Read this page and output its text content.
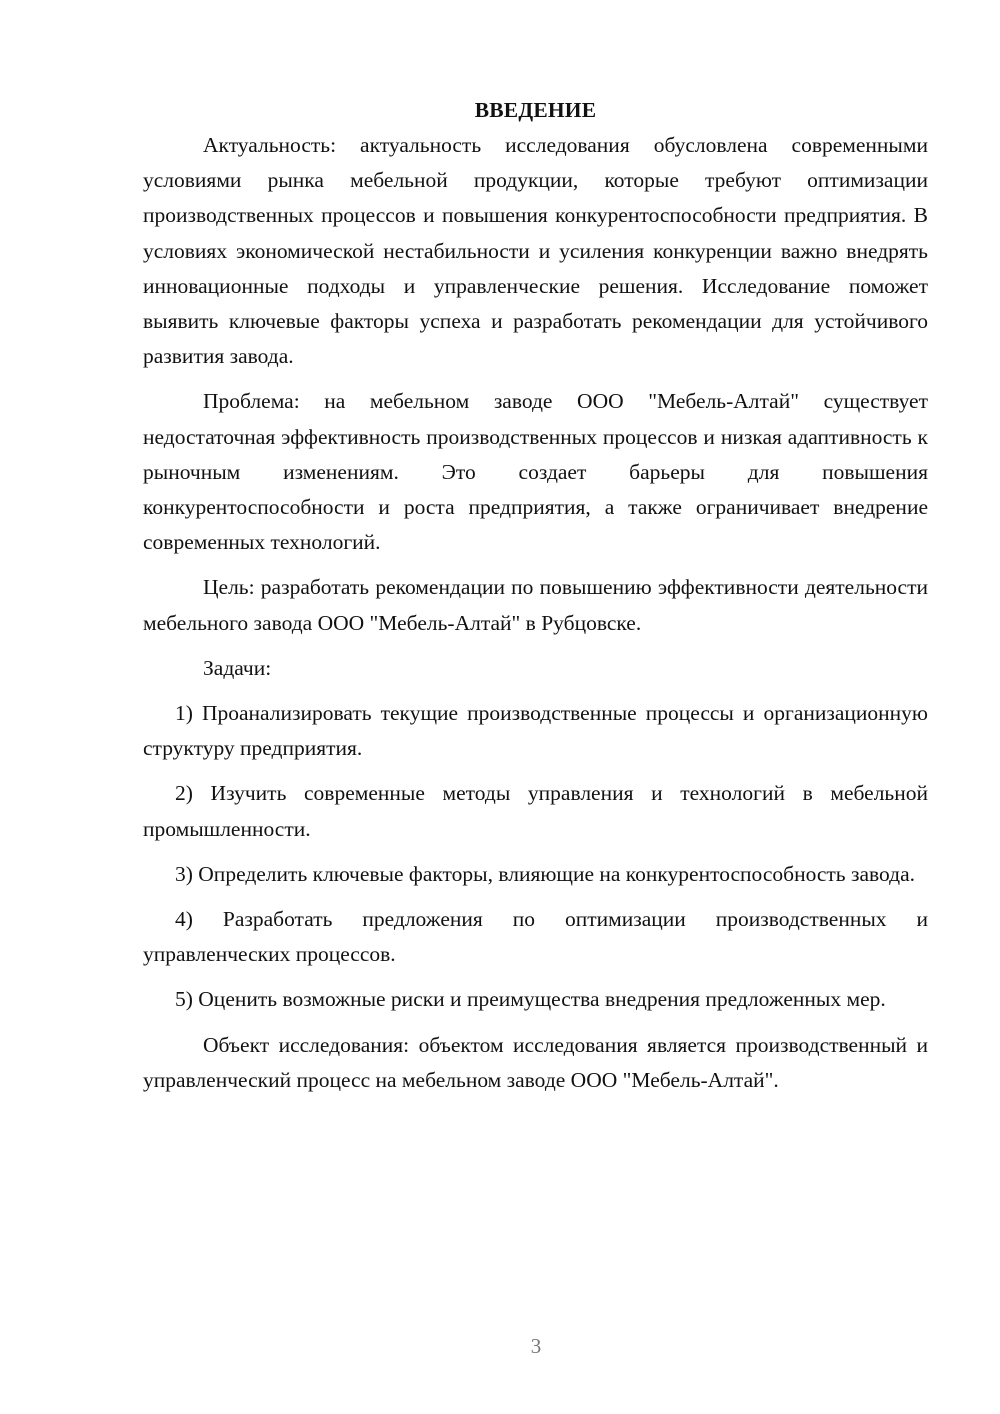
ВВЕДЕНИЕ

Актуальность: актуальность исследования обусловлена современными условиями рынка мебельной продукции, которые требуют оптимизации производственных процессов и повышения конкурентоспособности предприятия. В условиях экономической нестабильности и усиления конкуренции важно внедрять инновационные подходы и управленческие решения. Исследование поможет выявить ключевые факторы успеха и разработать рекомендации для устойчивого развития завода.

Проблема: на мебельном заводе ООО "Мебель-Алтай" существует недостаточная эффективность производственных процессов и низкая адаптивность к рыночным изменениям. Это создает барьеры для повышения конкурентоспособности и роста предприятия, а также ограничивает внедрение современных технологий.

Цель: разработать рекомендации по повышению эффективности деятельности мебельного завода ООО "Мебель-Алтай" в Рубцовске.

Задачи:

1) Проанализировать текущие производственные процессы и организационную структуру предприятия.

2) Изучить современные методы управления и технологий в мебельной промышленности.

3) Определить ключевые факторы, влияющие на конкурентоспособность завода.

4) Разработать предложения по оптимизации производственных и управленческих процессов.

5) Оценить возможные риски и преимущества внедрения предложенных мер.

Объект исследования: объектом исследования является производственный и управленческий процесс на мебельном заводе ООО "Мебель-Алтай".

3
